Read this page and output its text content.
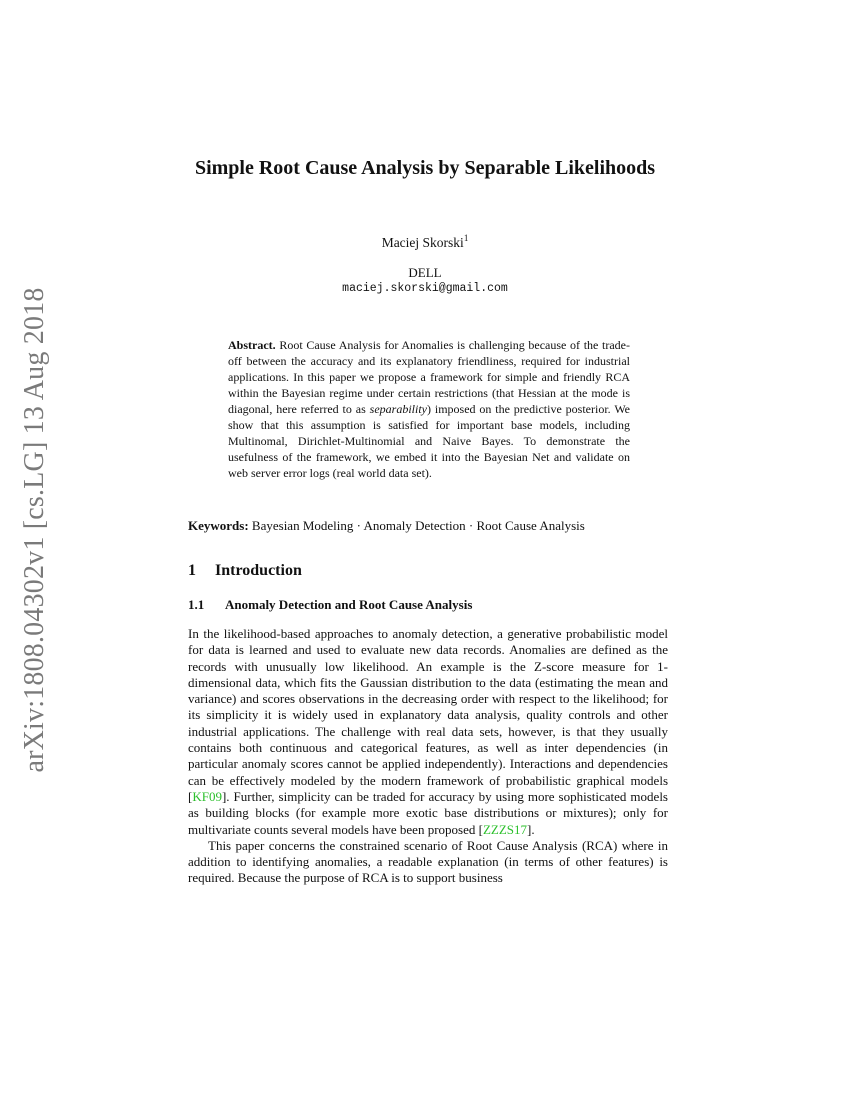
arXiv:1808.04302v1 [cs.LG] 13 Aug 2018
Simple Root Cause Analysis by Separable Likelihoods
Maciej Skorski$^1$
DELL
maciej.skorski@gmail.com
Abstract. Root Cause Analysis for Anomalies is challenging because of the trade-off between the accuracy and its explanatory friendliness, required for industrial applications. In this paper we propose a framework for simple and friendly RCA within the Bayesian regime under certain restrictions (that Hessian at the mode is diagonal, here referred to as separability) imposed on the predictive posterior. We show that this assumption is satisfied for important base models, including Multinomal, Dirichlet-Multinomial and Naive Bayes. To demonstrate the usefulness of the framework, we embed it into the Bayesian Net and validate on web server error logs (real world data set).
Keywords: Bayesian Modeling · Anomaly Detection · Root Cause Analysis
1 Introduction
1.1 Anomaly Detection and Root Cause Analysis

In the likelihood-based approaches to anomaly detection, a generative probabilistic model for data is learned and used to evaluate new data records. Anomalies are defined as the records with unusually low likelihood. An example is the Z-score measure for 1-dimensional data, which fits the Gaussian distribution to the data (estimating the mean and variance) and scores observations in the decreasing order with respect to the likelihood; for its simplicity it is widely used in explanatory data analysis, quality controls and other industrial applications. The challenge with real data sets, however, is that they usually contains both continuous and categorical features, as well as inter dependencies (in particular anomaly scores cannot be applied independently). Interactions and dependencies can be effectively modeled by the modern framework of probabilistic graphical models [KF09]. Further, simplicity can be traded for accuracy by using more sophisticated models as building blocks (for example more exotic base distributions or mixtures); only for multivariate counts several models have been proposed [ZZZS17].

This paper concerns the constrained scenario of Root Cause Analysis (RCA) where in addition to identifying anomalies, a readable explanation (in terms of other features) is required. Because the purpose of RCA is to support business
